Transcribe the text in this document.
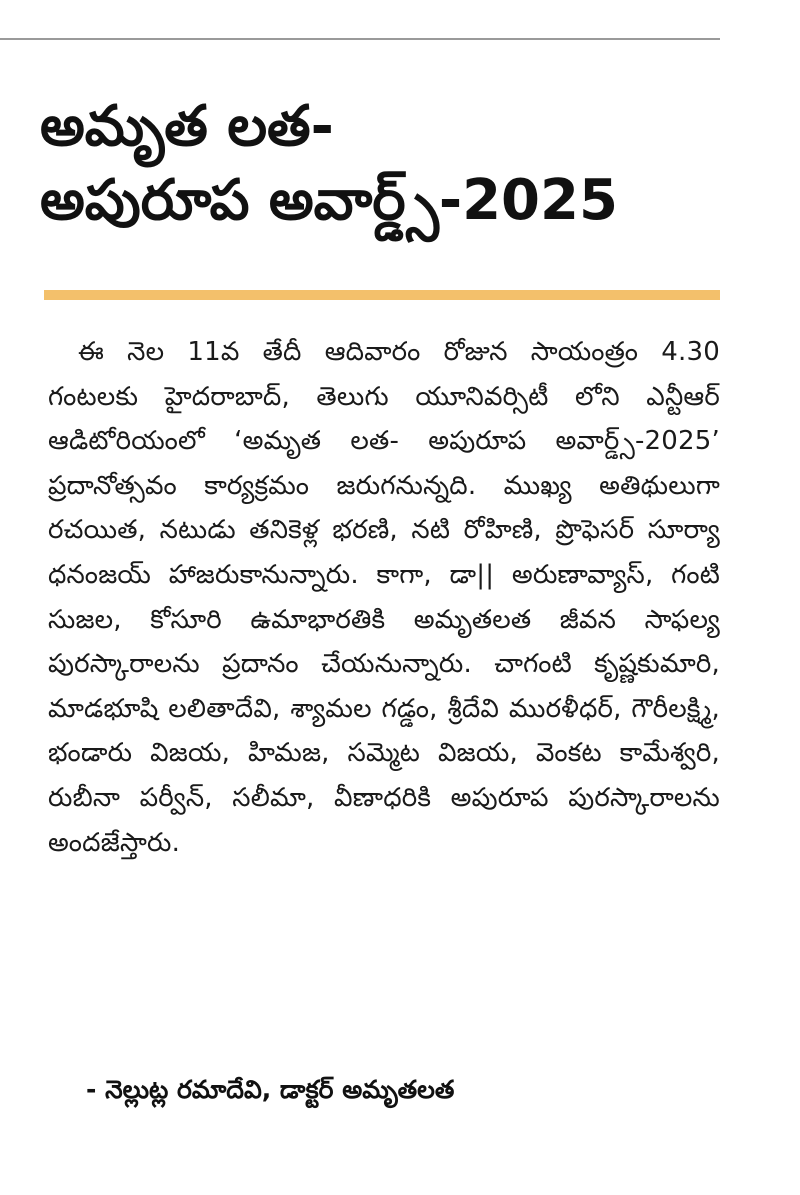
అమృత లత-
అపురూప అవార్డ్స్-2025

ఈ నెల 11వ తేదీ ఆదివారం రోజున సాయంత్రం 4.30 గంటలకు హైదరాబాద్, తెలుగు యూనివర్సిటీ లోని ఎన్టీఆర్ ఆడిటోరియంలో ‘అమృత లత- అపురూప అవార్డ్స్-2025’ ప్రదానోత్సవం కార్యక్రమం జరుగనున్నది. ముఖ్య అతిథులుగా రచయిత, నటుడు తనికెళ్ల భరణి, నటి రోహిణి, ప్రొఫెసర్ సూర్యా ధనంజయ్ హాజరుకానున్నారు. కాగా, డా|| అరుణావ్యాస్, గంటి సుజల, కోసూరి ఉమాభారతికి అమృతలత జీవన సాఫల్య పురస్కారాలను ప్రదానం చేయనున్నారు. చాగంటి కృష్ణకుమారి, మాడభూషి లలితాదేవి, శ్యామల గడ్డం, శ్రీదేవి మురళీధర్, గౌరీలక్ష్మి, భండారు విజయ, హిమజ, సమ్మెట విజయ, వెంకట కామేశ్వరి, రుబీనా పర్వీన్, సలీమా, వీణాధరికి అపురూప పురస్కారాలను అందజేస్తారు.

- నెల్లుట్ల రమాదేవి, డాక్టర్ అమృతలత
